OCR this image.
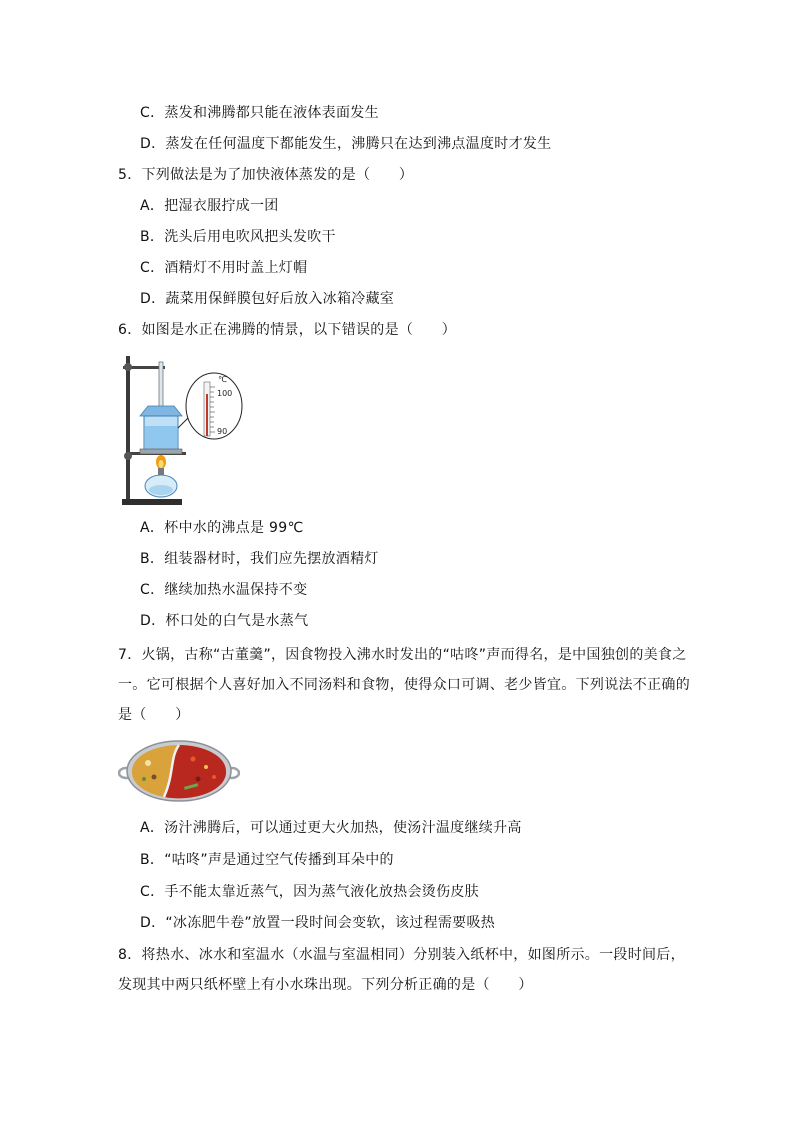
C．蒸发和沸腾都只能在液体表面发生
D．蒸发在任何温度下都能发生，沸腾只在达到沸点温度时才发生
5．下列做法是为了加快液体蒸发的是（　　）
A．把湿衣服拧成一团
B．洗头后用电吹风把头发吹干
C．酒精灯不用时盖上灯帽
D．蔬菜用保鲜膜包好后放入冰箱冷藏室
6．如图是水正在沸腾的情景，以下错误的是（　　）
℃
100
90
A．杯中水的沸点是 99℃
B．组装器材时，我们应先摆放酒精灯
C．继续加热水温保持不变
D．杯口处的白气是水蒸气
7．火锅，古称“古董羹”，因食物投入沸水时发出的“咕咚”声而得名，是中国独创的美食之
一。它可根据个人喜好加入不同汤料和食物，使得众口可调、老少皆宜。下列说法不正确的
是（　　）
A．汤汁沸腾后，可以通过更大火加热，使汤汁温度继续升高
B．“咕咚”声是通过空气传播到耳朵中的
C．手不能太靠近蒸气，因为蒸气液化放热会烫伤皮肤
D．“冰冻肥牛卷”放置一段时间会变软，该过程需要吸热
8．将热水、冰水和室温水（水温与室温相同）分别装入纸杯中，如图所示。一段时间后，
发现其中两只纸杯壁上有小水珠出现。下列分析正确的是（　　）
